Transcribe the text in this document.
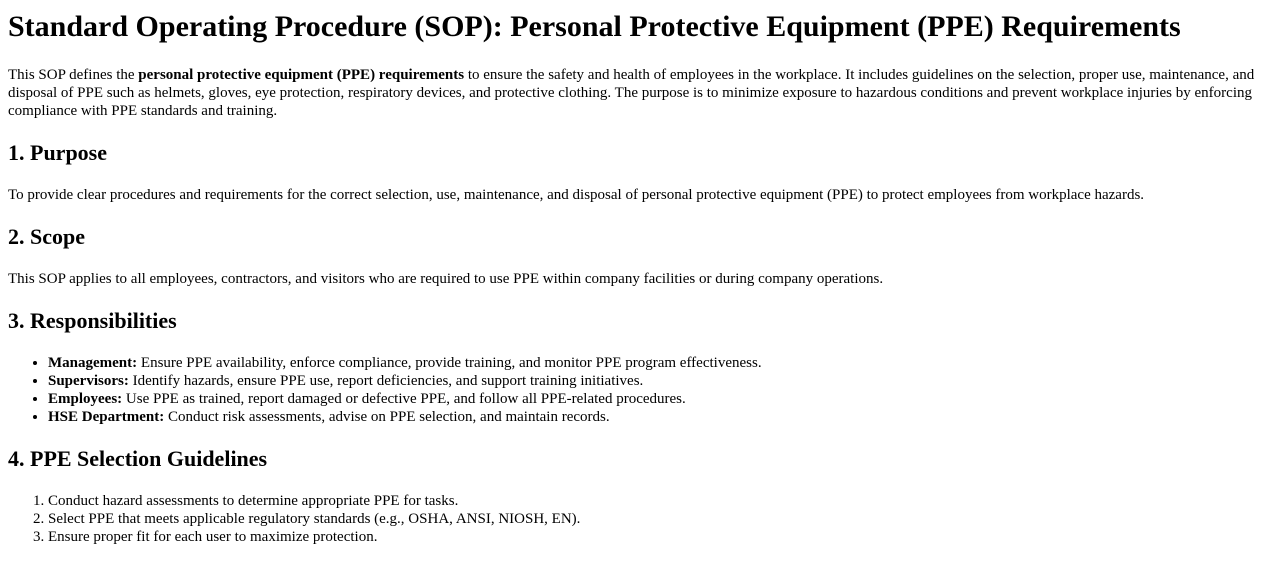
Standard Operating Procedure (SOP): Personal Protective Equipment (PPE) Requirements

This SOP defines the personal protective equipment (PPE) requirements to ensure the safety and health of employees in the workplace. It includes guidelines on the selection, proper use, maintenance, and disposal of PPE such as helmets, gloves, eye protection, respiratory devices, and protective clothing. The purpose is to minimize exposure to hazardous conditions and prevent workplace injuries by enforcing compliance with PPE standards and training.

1. Purpose

To provide clear procedures and requirements for the correct selection, use, maintenance, and disposal of personal protective equipment (PPE) to protect employees from workplace hazards.

2. Scope

This SOP applies to all employees, contractors, and visitors who are required to use PPE within company facilities or during company operations.

3. Responsibilities
• Management: Ensure PPE availability, enforce compliance, provide training, and monitor PPE program effectiveness.
• Supervisors: Identify hazards, ensure PPE use, report deficiencies, and support training initiatives.
• Employees: Use PPE as trained, report damaged or defective PPE, and follow all PPE-related procedures.
• HSE Department: Conduct risk assessments, advise on PPE selection, and maintain records.
4. PPE Selection Guidelines
1. Conduct hazard assessments to determine appropriate PPE for tasks.
2. Select PPE that meets applicable regulatory standards (e.g., OSHA, ANSI, NIOSH, EN).
3. Ensure proper fit for each user to maximize protection.
